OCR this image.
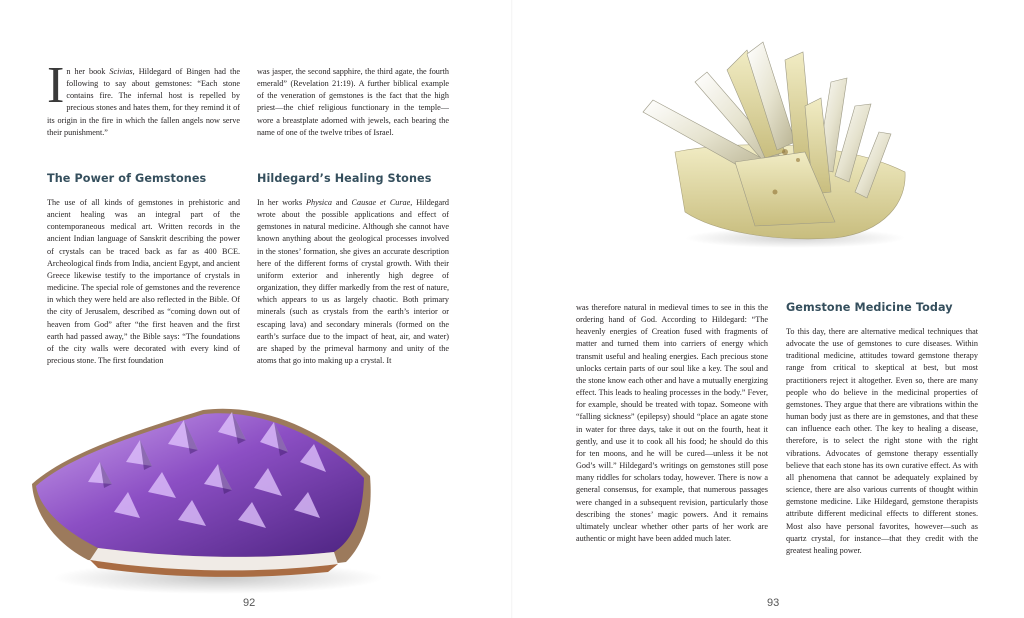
I n her book Scivias, Hildegard of Bingen had the following to say about gemstones: “Each stone contains fire. The infernal host is repelled by precious stones and hates them, for they remind it of its origin in the fire in which the fallen angels now serve their punishment.”

was jasper, the second sapphire, the third agate, the fourth emerald” (Revelation 21:19). A further biblical example of the veneration of gemstones is the fact that the high priest—the chief religious functionary in the temple—wore a breastplate adorned with jewels, each bearing the name of one of the twelve tribes of Israel.

The Power of Gemstones	Hildegard’s Healing Stones

The use of all kinds of gemstones in prehistoric and ancient healing was an integral part of the contemporaneous medical art. Written records in the ancient Indian language of Sanskrit describing the power of crystals can be traced back as far as 400 BCE. Archeological finds from India, ancient Egypt, and ancient Greece likewise testify to the importance of crystals in medicine. The special role of gemstones and the reverence in which they were held are also reflected in the Bible. Of the city of Jerusalem, described as “coming down out of heaven from God” after “the first heaven and the first earth had passed away,” the Bible says: “The foundations of the city walls were decorated with every kind of precious stone. The first foundation

In her works Physica and Causae et Curae, Hildegard wrote about the possible applications and effect of gemstones in natural medicine. Although she cannot have known anything about the geological processes involved in the stones’ formation, she gives an accurate description here of the different forms of crystal growth. With their uniform exterior and inherently high degree of organization, they differ markedly from the rest of nature, which appears to us as largely chaotic. Both primary minerals (such as crystals from the earth’s interior or escaping lava) and secondary minerals (formed on the earth’s surface due to the impact of heat, air, and water) are shaped by the primeval harmony and unity of the atoms that go into making up a crystal. It

92

was therefore natural in medieval times to see in this the ordering hand of God. According to Hildegard: “The heavenly energies of Creation fused with fragments of matter and turned them into carriers of energy which transmit useful and healing energies. Each precious stone unlocks certain parts of our soul like a key. The soul and the stone know each other and have a mutually energizing effect. This leads to healing processes in the body.” Fever, for example, should be treated with topaz. Someone with “falling sickness” (epilepsy) should “place an agate stone in water for three days, take it out on the fourth, heat it gently, and use it to cook all his food; he should do this for ten moons, and he will be cured—unless it be not God’s will.” Hildegard’s writings on gemstones still pose many riddles for scholars today, however. There is now a general consensus, for example, that numerous passages were changed in a subsequent revision, particularly those describing the stones’ magic powers. And it remains ultimately unclear whether other parts of her work are authentic or might have been added much later.

Gemstone Medicine Today

To this day, there are alternative medical techniques that advocate the use of gemstones to cure diseases. Within traditional medicine, attitudes toward gemstone therapy range from critical to skeptical at best, but most practitioners reject it altogether. Even so, there are many people who do believe in the medicinal properties of gemstones. They argue that there are vibrations within the human body just as there are in gemstones, and that these can influence each other. The key to healing a disease, therefore, is to select the right stone with the right vibrations. Advocates of gemstone therapy essentially believe that each stone has its own curative effect. As with all phenomena that cannot be adequately explained by science, there are also various currents of thought within gemstone medicine. Like Hildegard, gemstone therapists attribute different medicinal effects to different stones. Most also have personal favorites, however—such as quartz crystal, for instance—that they credit with the greatest healing power.

93
